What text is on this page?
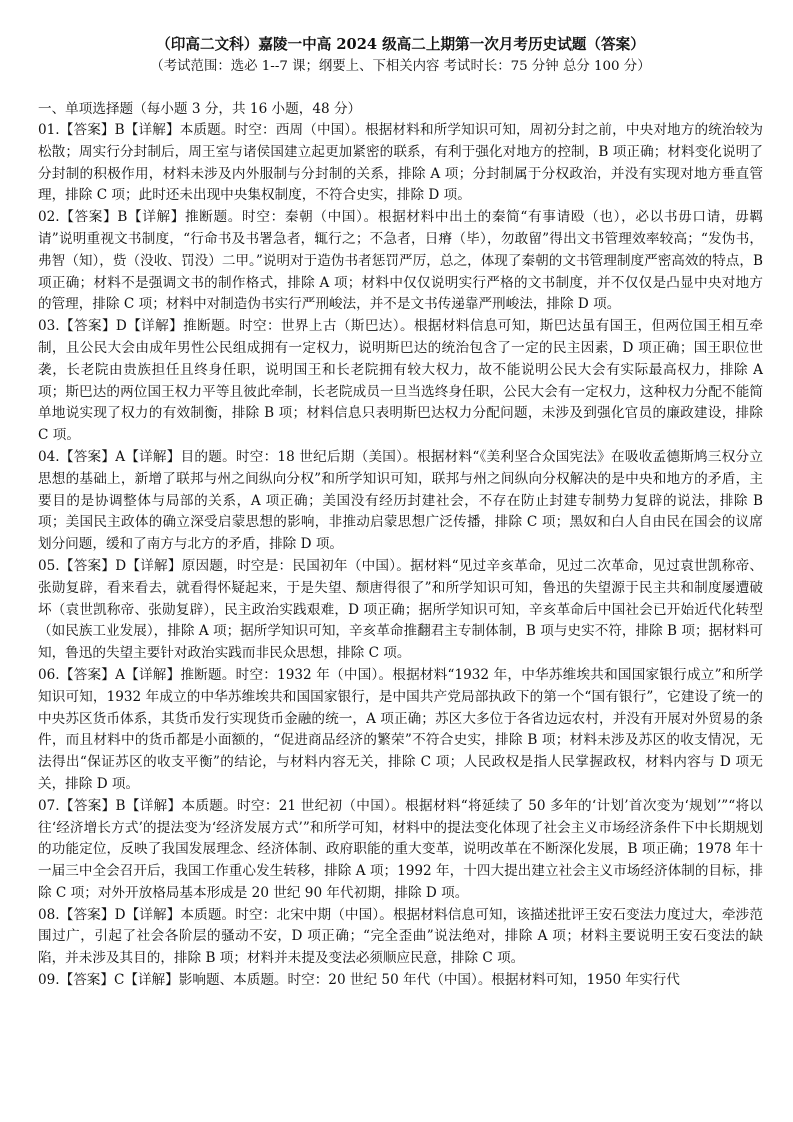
（印高二文科）嘉陵一中高 2024 级高二上期第一次月考历史试题（答案）

（考试范围：选必 1--7 课；纲要上、下相关内容 考试时长：75 分钟 总分 100 分）

一、单项选择题（每小题 3 分，共 16 小题，48 分）

01.【答案】B【详解】本质题。时空：西周（中国）。根据材料和所学知识可知，周初分封之前，中央对地方的统治较为松散；周实行分封制后，周王室与诸侯国建立起更加紧密的联系，有利于强化对地方的控制，B 项正确；材料变化说明了分封制的积极作用，材料未涉及内外服制与分封制的关系，排除 A 项；分封制属于分权政治，并没有实现对地方垂直管理，排除 C 项；此时还未出现中央集权制度，不符合史实，排除 D 项。

02.【答案】B【详解】推断题。时空：秦朝（中国）。根据材料中出土的秦简“有事请殴（也），必以书毋口请，毋羁请”说明重视文书制度，“行命书及书署急者，辄行之；不急者，日瘠（毕），勿敢留”得出文书管理效率较高；“发伪书，弗智（知），赀（没收、罚没）二甲。”说明对于造伪书者惩罚严厉，总之，体现了秦朝的文书管理制度严密高效的特点，B 项正确；材料不是强调文书的制作格式，排除 A 项；材料中仅仅说明实行严格的文书制度，并不仅仅是凸显中央对地方的管理，排除 C 项；材料中对制造伪书实行严刑峻法，并不是文书传递靠严刑峻法，排除 D 项。

03.【答案】D【详解】推断题。时空：世界上古（斯巴达）。根据材料信息可知，斯巴达虽有国王，但两位国王相互牵制，且公民大会由成年男性公民组成拥有一定权力，说明斯巴达的统治包含了一定的民主因素，D 项正确；国王职位世袭，长老院由贵族担任且终身任职，说明国王和长老院拥有较大权力，故不能说明公民大会有实际最高权力，排除 A 项；斯巴达的两位国王权力平等且彼此牵制，长老院成员一旦当选终身任职，公民大会有一定权力，这种权力分配不能简单地说实现了权力的有效制衡，排除 B 项；材料信息只表明斯巴达权力分配问题，未涉及到强化官员的廉政建设，排除 C 项。

04.【答案】A【详解】目的题。时空：18 世纪后期（美国）。根据材料“《美利坚合众国宪法》在吸收孟德斯鸠三权分立思想的基础上，新增了联邦与州之间纵向分权”和所学知识可知，联邦与州之间纵向分权解决的是中央和地方的矛盾，主要目的是协调整体与局部的关系，A 项正确；美国没有经历封建社会，不存在防止封建专制势力复辟的说法，排除 B 项；美国民主政体的确立深受启蒙思想的影响，非推动启蒙思想广泛传播，排除 C 项；黑奴和白人自由民在国会的议席划分问题，缓和了南方与北方的矛盾，排除 D 项。

05.【答案】D【详解】原因题，时空是：民国初年（中国）。据材料“见过辛亥革命，见过二次革命，见过袁世凯称帝、张勋复辟，看来看去，就看得怀疑起来，于是失望、颓唐得很了”和所学知识可知，鲁迅的失望源于民主共和制度屡遭破坏（袁世凯称帝、张勋复辟），民主政治实践艰难，D 项正确；据所学知识可知，辛亥革命后中国社会已开始近代化转型（如民族工业发展），排除 A 项；据所学知识可知，辛亥革命推翻君主专制体制，B 项与史实不符，排除 B 项；据材料可知，鲁迅的失望主要针对政治实践而非民众思想，排除 C 项。

06.【答案】A【详解】推断题。时空：1932 年（中国）。根据材料“1932 年，中华苏维埃共和国国家银行成立”和所学知识可知，1932 年成立的中华苏维埃共和国国家银行，是中国共产党局部执政下的第一个“国有银行”，它建设了统一的中央苏区货币体系，其货币发行实现货币金融的统一，A 项正确；苏区大多位于各省边远农村，并没有开展对外贸易的条件，而且材料中的货币都是小面额的，“促进商品经济的繁荣”不符合史实，排除 B 项；材料未涉及苏区的收支情况，无法得出“保证苏区的收支平衡”的结论，与材料内容无关，排除 C 项；人民政权是指人民掌握政权，材料内容与 D 项无关，排除 D 项。

07.【答案】B【详解】本质题。时空：21 世纪初（中国）。根据材料“将延续了 50 多年的‘计划’首次变为‘规划’”“将以往‘经济增长方式’的提法变为‘经济发展方式’”和所学可知，材料中的提法变化体现了社会主义市场经济条件下中长期规划的功能定位，反映了我国发展理念、经济体制、政府职能的重大变革，说明改革在不断深化发展，B 项正确；1978 年十一届三中全会召开后，我国工作重心发生转移，排除 A 项；1992 年，十四大提出建立社会主义市场经济体制的目标，排除 C 项；对外开放格局基本形成是 20 世纪 90 年代初期，排除 D 项。

08.【答案】D【详解】本质题。时空：北宋中期（中国）。根据材料信息可知，该描述批评王安石变法力度过大，牵涉范围过广，引起了社会各阶层的骚动不安，D 项正确；“完全歪曲”说法绝对，排除 A 项；材料主要说明王安石变法的缺陷，并未涉及其目的，排除 B 项；材料并未提及变法必须顺应民意，排除 C 项。

09.【答案】C【详解】影响题、本质题。时空：20 世纪 50 年代（中国）。根据材料可知，1950 年实行代
